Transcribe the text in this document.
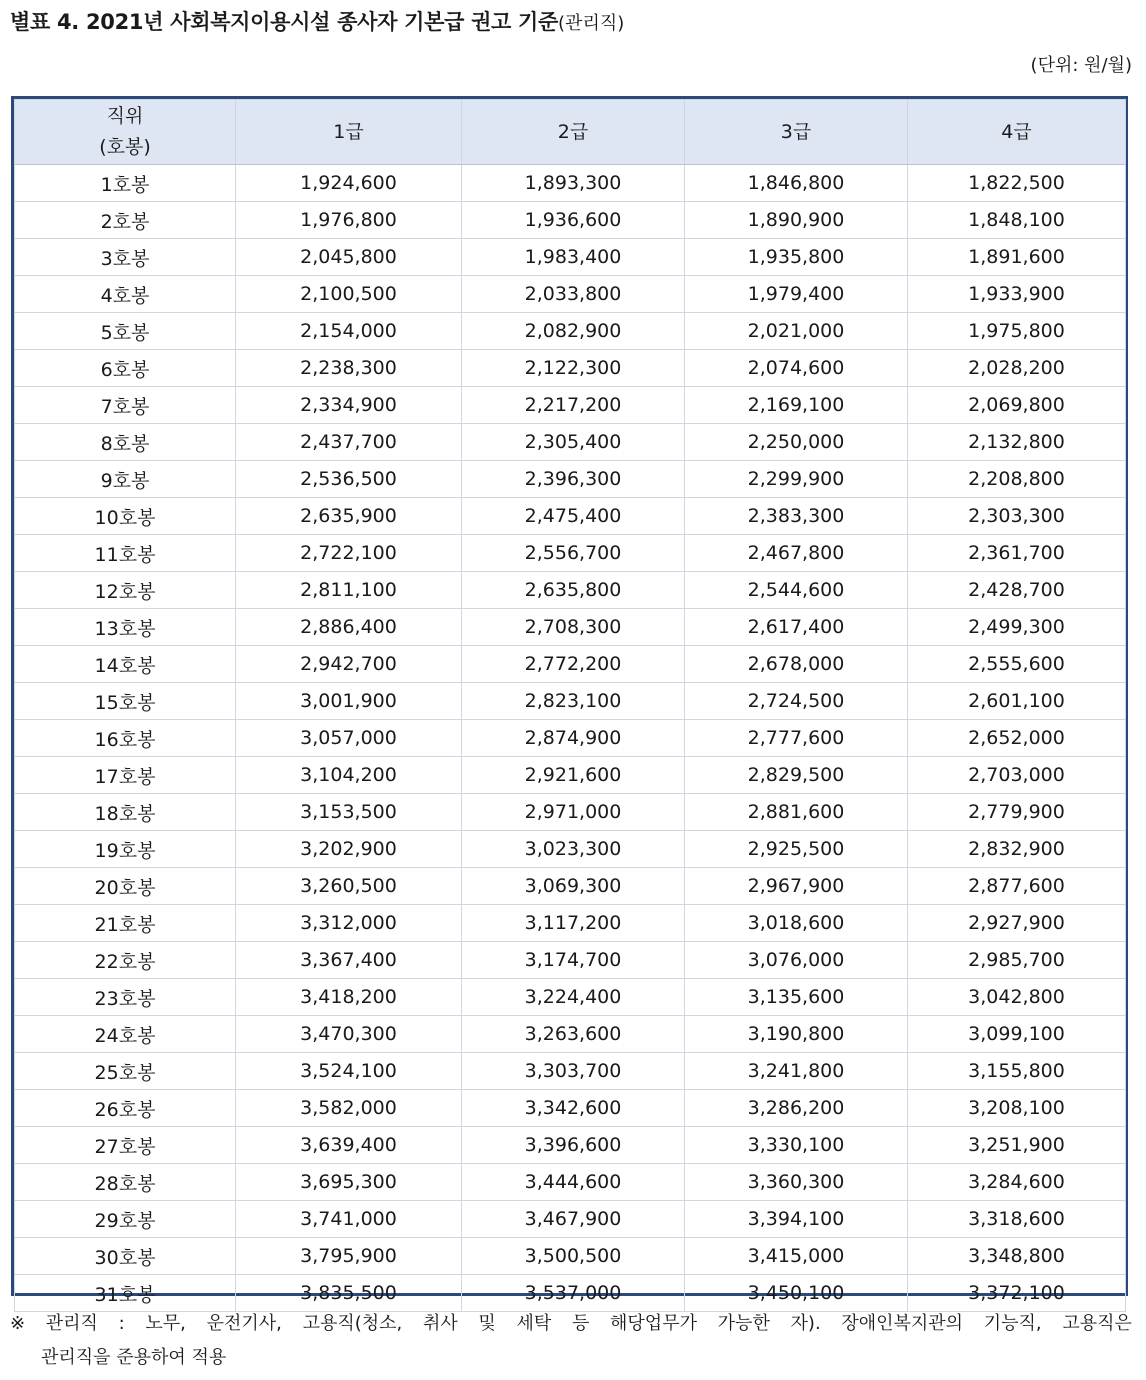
별표 4. 2021년 사회복지이용시설 종사자 기본급 권고 기준(관리직)
(단위: 원/월)
직위
(호봉)	1급	2급	3급	4급
1호봉	1,924,600	1,893,300	1,846,800	1,822,500
2호봉	1,976,800	1,936,600	1,890,900	1,848,100
3호봉	2,045,800	1,983,400	1,935,800	1,891,600
4호봉	2,100,500	2,033,800	1,979,400	1,933,900
5호봉	2,154,000	2,082,900	2,021,000	1,975,800
6호봉	2,238,300	2,122,300	2,074,600	2,028,200
7호봉	2,334,900	2,217,200	2,169,100	2,069,800
8호봉	2,437,700	2,305,400	2,250,000	2,132,800
9호봉	2,536,500	2,396,300	2,299,900	2,208,800
10호봉	2,635,900	2,475,400	2,383,300	2,303,300
11호봉	2,722,100	2,556,700	2,467,800	2,361,700
12호봉	2,811,100	2,635,800	2,544,600	2,428,700
13호봉	2,886,400	2,708,300	2,617,400	2,499,300
14호봉	2,942,700	2,772,200	2,678,000	2,555,600
15호봉	3,001,900	2,823,100	2,724,500	2,601,100
16호봉	3,057,000	2,874,900	2,777,600	2,652,000
17호봉	3,104,200	2,921,600	2,829,500	2,703,000
18호봉	3,153,500	2,971,000	2,881,600	2,779,900
19호봉	3,202,900	3,023,300	2,925,500	2,832,900
20호봉	3,260,500	3,069,300	2,967,900	2,877,600
21호봉	3,312,000	3,117,200	3,018,600	2,927,900
22호봉	3,367,400	3,174,700	3,076,000	2,985,700
23호봉	3,418,200	3,224,400	3,135,600	3,042,800
24호봉	3,470,300	3,263,600	3,190,800	3,099,100
25호봉	3,524,100	3,303,700	3,241,800	3,155,800
26호봉	3,582,000	3,342,600	3,286,200	3,208,100
27호봉	3,639,400	3,396,600	3,330,100	3,251,900
28호봉	3,695,300	3,444,600	3,360,300	3,284,600
29호봉	3,741,000	3,467,900	3,394,100	3,318,600
30호봉	3,795,900	3,500,500	3,415,000	3,348,800
31호봉	3,835,500	3,537,000	3,450,100	3,372,100
※ 관리직 : 노무, 운전기사, 고용직(청소, 취사 및 세탁 등 해당업무가 가능한 자). 장애인복지관의 기능직, 고용직은
관리직을 준용하여 적용
